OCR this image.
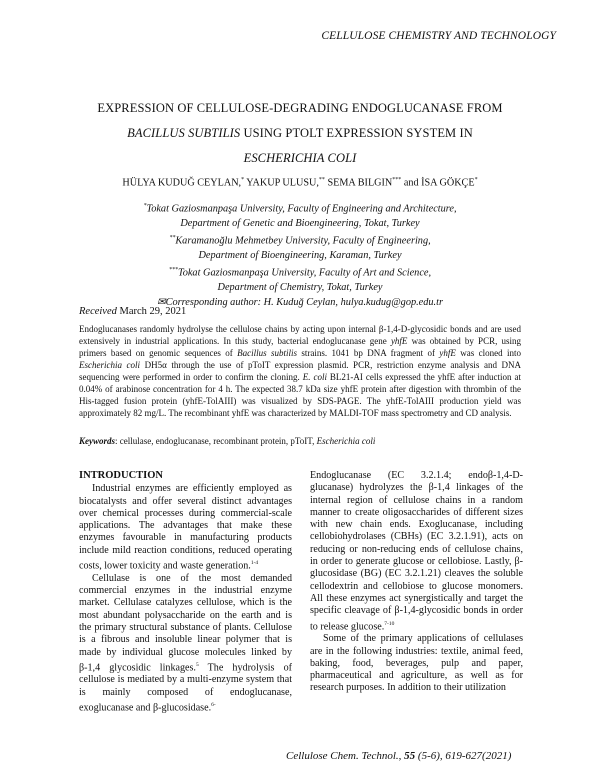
CELLULOSE CHEMISTRY AND TECHNOLOGY
EXPRESSION OF CELLULOSE-DEGRADING ENDOGLUCANASE FROM
BACILLUS SUBTILIS USING PTOLT EXPRESSION SYSTEM IN
ESCHERICHIA COLI
HÜLYA KUDUĞ CEYLAN,* YAKUP ULUSU,** SEMA BILGIN*** and İSA GÖKÇE*
*Tokat Gaziosmanpaşa University, Faculty of Engineering and Architecture,
Department of Genetic and Bioengineering, Tokat, Turkey
**Karamanoğlu Mehmetbey University, Faculty of Engineering,
Department of Bioengineering, Karaman, Turkey
***Tokat Gaziosmanpaşa University, Faculty of Art and Science,
Department of Chemistry, Tokat, Turkey
✉Corresponding author: H. Kuduğ Ceylan, hulya.kudug@gop.edu.tr
Received March 29, 2021
Endoglucanases randomly hydrolyse the cellulose chains by acting upon internal β-1,4-D-glycosidic bonds and are used extensively in industrial applications. In this study, bacterial endoglucanase gene yhfE was obtained by PCR, using primers based on genomic sequences of Bacillus subtilis strains. 1041 bp DNA fragment of yhfE was cloned into Escherichia coli DH5α through the use of pToIT expression plasmid. PCR, restriction enzyme analysis and DNA sequencing were performed in order to confirm the cloning. E. coli BL21-AI cells expressed the yhfE after induction at 0.04% of arabinose concentration for 4 h. The expected 38.7 kDa size yhfE protein after digestion with thrombin of the His-tagged fusion protein (yhfE-TolAIII) was visualized by SDS-PAGE. The yhfE-TolAIII production yield was approximately 82 mg/L. The recombinant yhfE was characterized by MALDI-TOF mass spectrometry and CD analysis.
Keywords: cellulase, endoglucanase, recombinant protein, pToIT, Escherichia coli
INTRODUCTION

Industrial enzymes are efficiently employed as biocatalysts and offer several distinct advantages over chemical processes during commercial-scale applications. The advantages that make these enzymes favourable in manufacturing products include mild reaction conditions, reduced operating costs, lower toxicity and waste generation.$^{1-4}$

Cellulase is one of the most demanded commercial enzymes in the industrial enzyme market. Cellulase catalyzes cellulose, which is the most abundant polysaccharide on the earth and is the primary structural substance of plants. Cellulose is a fibrous and insoluble linear polymer that is made by individual glucose molecules linked by β-1,4 glycosidic linkages.$^5$ The hydrolysis of cellulose is mediated by a multi-enzyme system that is mainly composed of endoglucanase, exoglucanase and β-glucosidase.$^{6-}$

Endoglucanase (EC 3.2.1.4; endoβ-1,4-D-glucanase) hydrolyzes the β-1,4 linkages of the internal region of cellulose chains in a random manner to create oligosaccharides of different sizes with new chain ends. Exoglucanase, including cellobiohydrolases (CBHs) (EC 3.2.1.91), acts on reducing or non-reducing ends of cellulose chains, in order to generate glucose or cellobiose. Lastly, β-glucosidase (BG) (EC 3.2.1.21) cleaves the soluble cellodextrin and cellobiose to glucose monomers. All these enzymes act synergistically and target the specific cleavage of β-1,4-glycosidic bonds in order to release glucose.$^{7-10}$

Some of the primary applications of cellulases are in the following industries: textile, animal feed, baking, food, beverages, pulp and paper, pharmaceutical and agriculture, as well as for research purposes. In addition to their utilization

Cellulose Chem. Technol., 55 (5-6), 619-627(2021)
